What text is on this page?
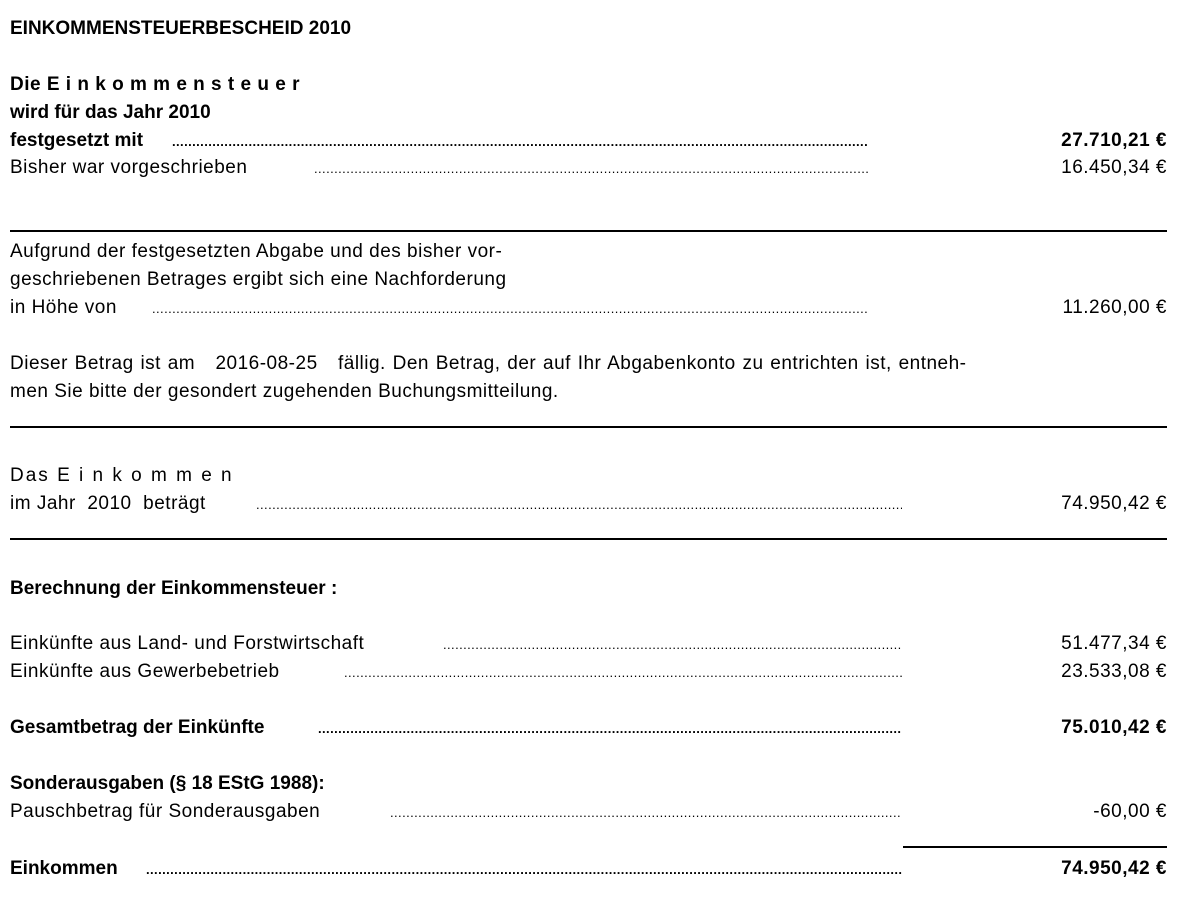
EINKOMMENSTEUERBESCHEID 2010
Die E i n k o m m e n s t e u e r
wird für das Jahr 2010
festgesetzt mit . . .	27.710,21 €
Bisher war vorgeschrieben . . .	16.450,34 €
Aufgrund der festgesetzten Abgabe und des bisher vor-
geschriebenen Betrages ergibt sich eine Nachforderung
in Höhe von . . .	11.260,00 €
Dieser Betrag ist am   2016-08-25   fällig. Den Betrag, der auf Ihr Abgabenkonto zu entrichten ist, entneh-
men Sie bitte der gesondert zugehenden Buchungsmitteilung.
Das E i n k o m m e n
im Jahr  2010  beträgt . . .	74.950,42 €
Berechnung der Einkommensteuer :
Einkünfte aus Land- und Forstwirtschaft . . .	51.477,34 €
Einkünfte aus Gewerbebetrieb . . .	23.533,08 €
Gesamtbetrag der Einkünfte . . .	75.010,42 €
Sonderausgaben (§ 18 EStG 1988):
Pauschbetrag für Sonderausgaben . . .	-60,00 €
Einkommen . . .	74.950,42 €
